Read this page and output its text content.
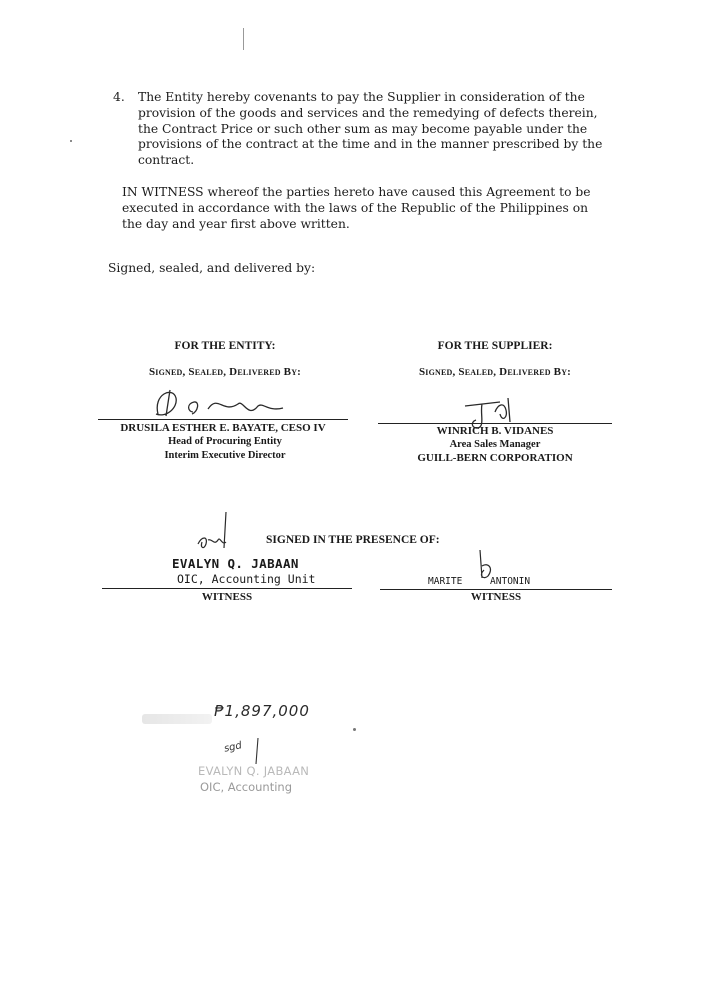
4. The Entity hereby covenants to pay the Supplier in consideration of the provision of the goods and services and the remedying of defects therein, the Contract Price or such other sum as may become payable under the provisions of the contract at the time and in the manner prescribed by the contract.
IN WITNESS whereof the parties hereto have caused this Agreement to be executed in accordance with the laws of the Republic of the Philippines on the day and year first above written.
Signed, sealed, and delivered by:
FOR THE ENTITY:
Signed, Sealed, Delivered By:
DRUSILA ESTHER E. BAYATE, CESO IV
Head of Procuring Entity
Interim Executive Director
FOR THE SUPPLIER:
Signed, Sealed, Delivered By:
WINRICH B. VIDANES
Area Sales Manager
GUILL-BERN CORPORATION
SIGNED IN THE PRESENCE OF:
EVALYN Q. JABAAN
OIC, Accounting Unit
WITNESS
MARITE ANTONIN
WITNESS
₱1,897,000
sgd
EVALYN Q. JABAAN
OIC, Accounting
